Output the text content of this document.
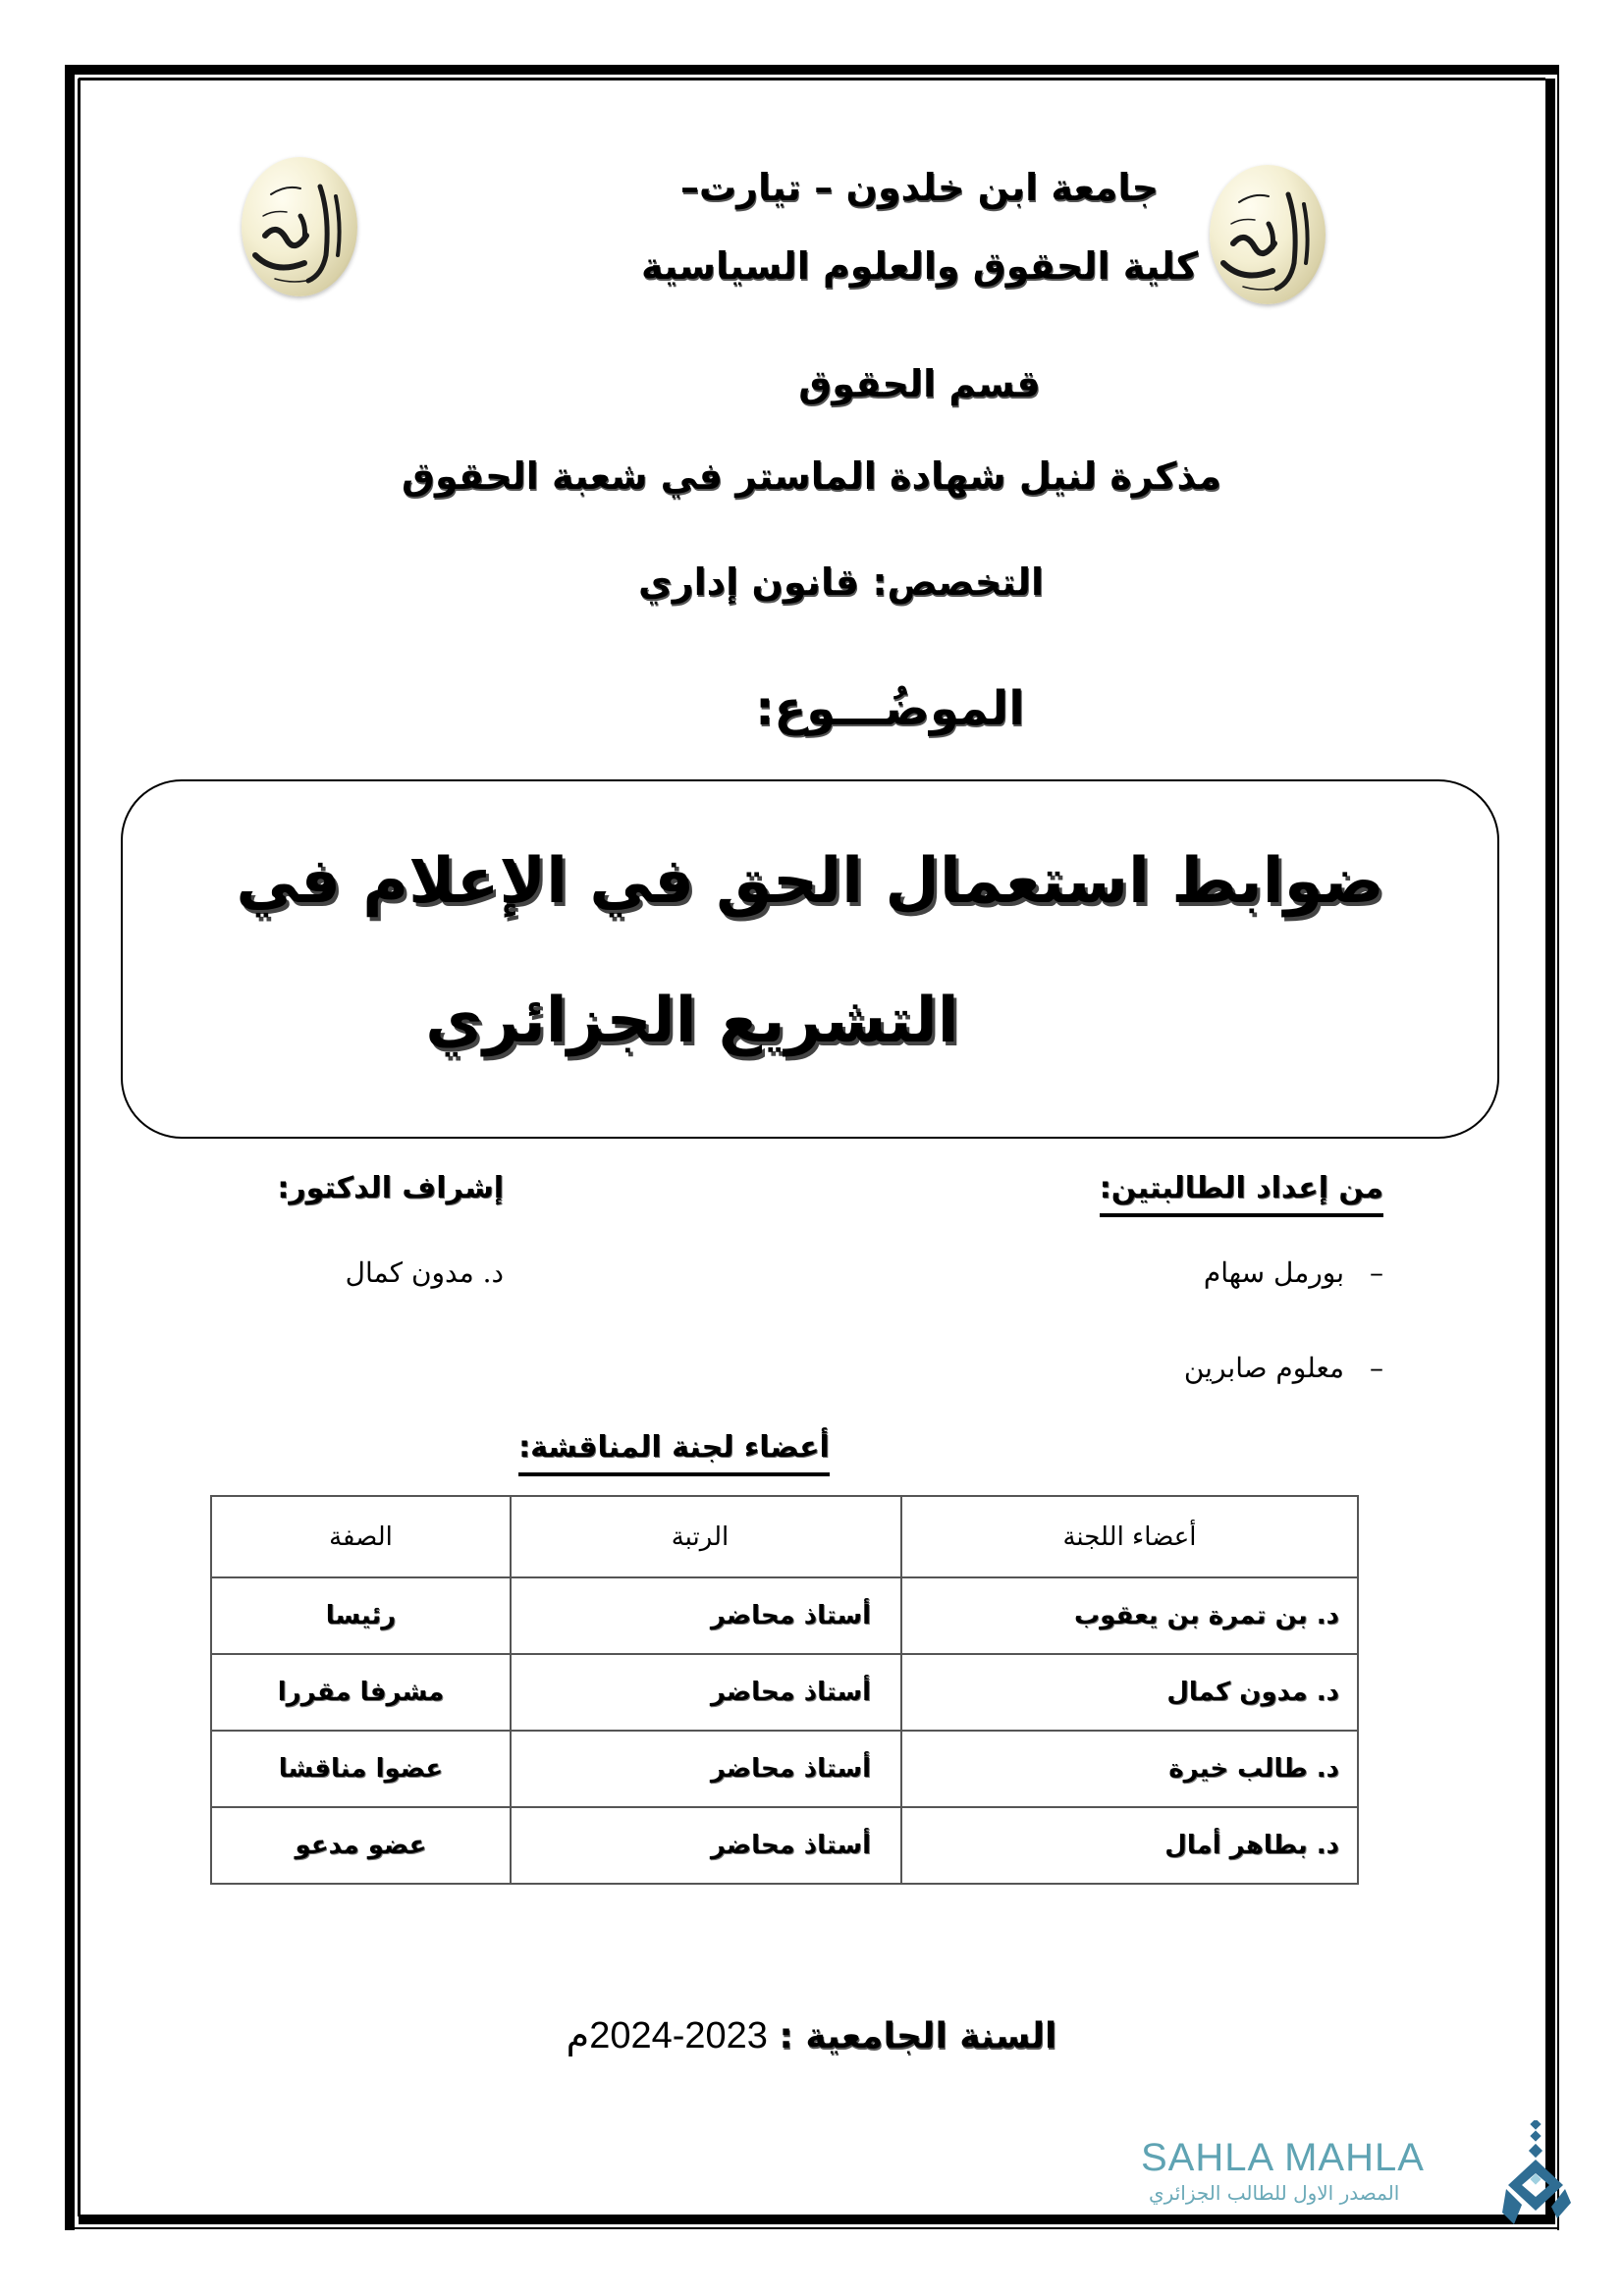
جامعة ابن خلدون – تيارت–
كلية الحقوق والعلوم السياسية
قسم الحقوق
مذكرة لنيل شهادة الماستر في شعبة الحقوق
التخصص: قانون إداري
الموضُـــوع:
ضوابط استعمال الحق في الإعلام في
التشريع الجزائري
من إعداد الطالبتين:
–بورمل سهام
–معلوم صابرين
إشراف الدكتور:
د. مدون كمال
أعضاء لجنة المناقشة:
أعضاء اللجنة	الرتبة	الصفة
د. بن تمرة بن يعقوب	أستاذ محاضر	رئيسا
د. مدون كمال	أستاذ محاضر	مشرفا مقررا
د. طالب خيرة	أستاذ محاضر	عضوا مناقشا
د. بطاهر أمال	أستاذ محاضر	عضو مدعو
السنة الجامعية : 2023-2024م
SAHLA MAHLA
المصدر الاول للطالب الجزائري
